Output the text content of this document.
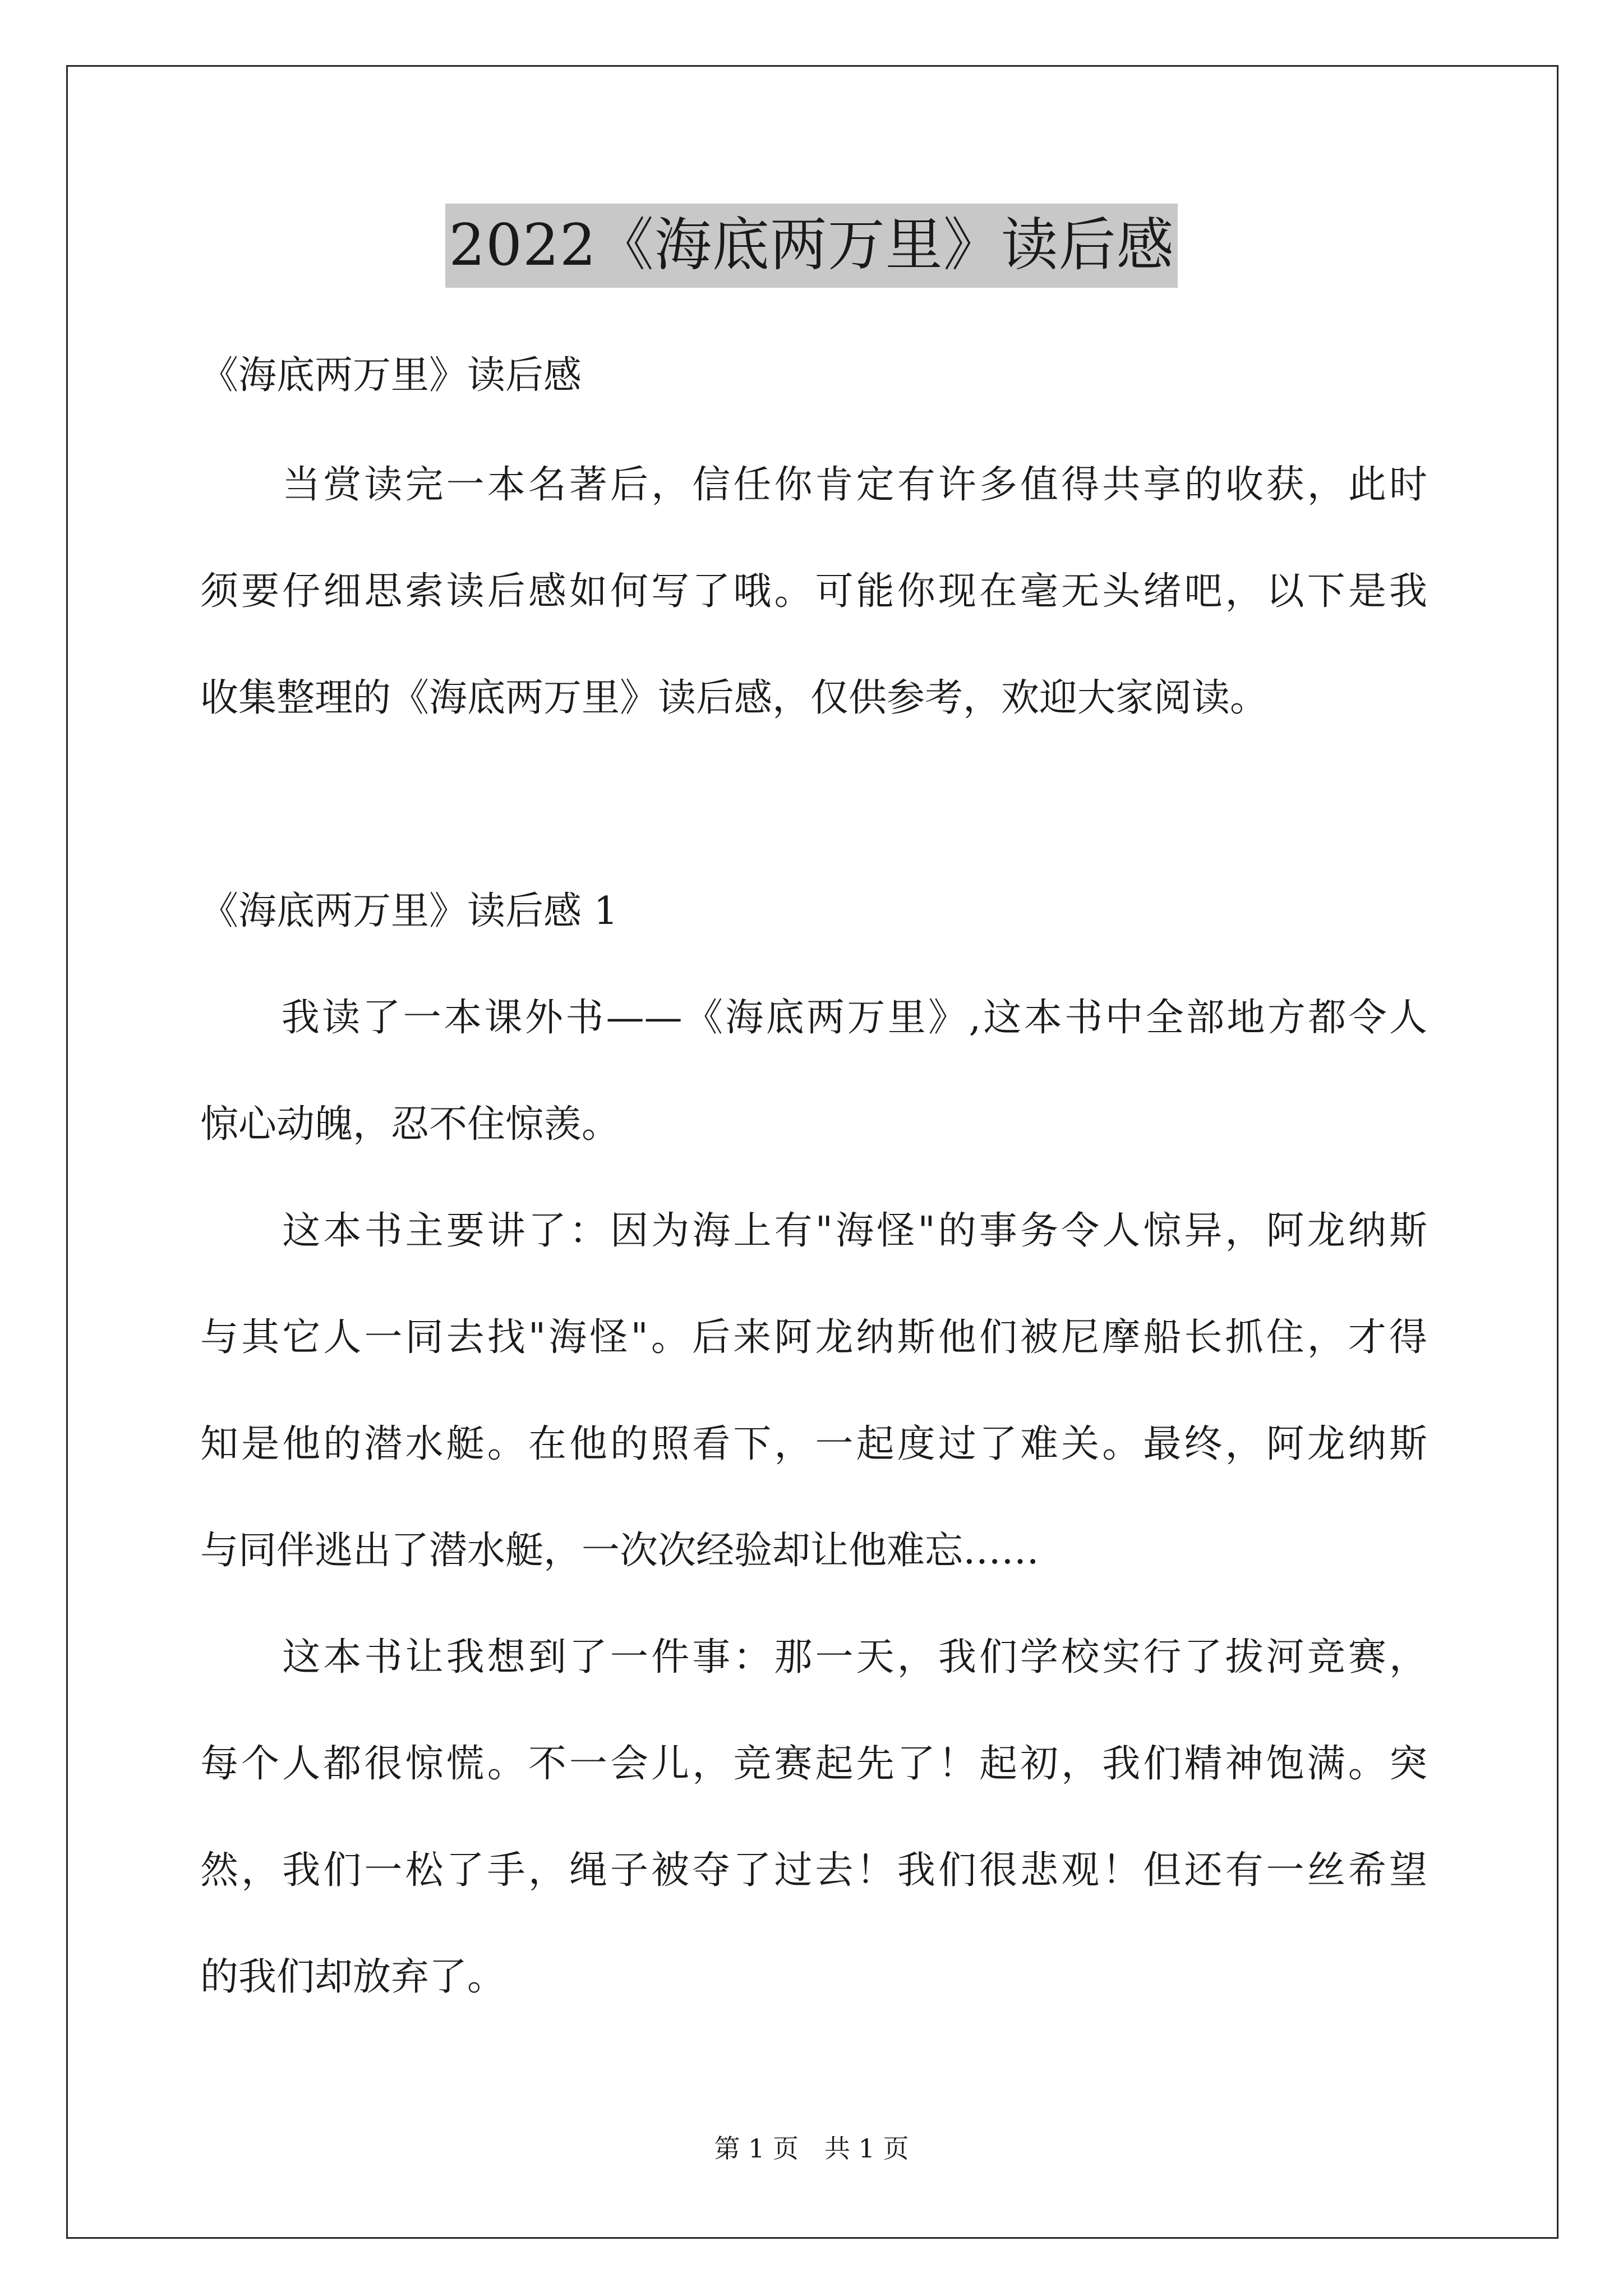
2022《海底两万里》读后感
《海底两万里》读后感
　　当赏读完一本名著后，信任你肯定有许多值得共享的收获，此时
须要仔细思索读后感如何写了哦。可能你现在毫无头绪吧，以下是我
收集整理的《海底两万里》读后感，仅供参考，欢迎大家阅读。
《海底两万里》读后感 1
　　我读了一本课外书——《海底两万里》,这本书中全部地方都令人
惊心动魄，忍不住惊羡。
　　这本书主要讲了：因为海上有"海怪"的事务令人惊异，阿龙纳斯
与其它人一同去找"海怪"。后来阿龙纳斯他们被尼摩船长抓住，才得
知是他的潜水艇。在他的照看下，一起度过了难关。最终，阿龙纳斯
与同伴逃出了潜水艇，一次次经验却让他难忘……
　　这本书让我想到了一件事：那一天，我们学校实行了拔河竞赛，
每个人都很惊慌。不一会儿，竞赛起先了！起初，我们精神饱满。突
然，我们一松了手，绳子被夺了过去！我们很悲观！但还有一丝希望
的我们却放弃了。
第 1 页　共 1 页
